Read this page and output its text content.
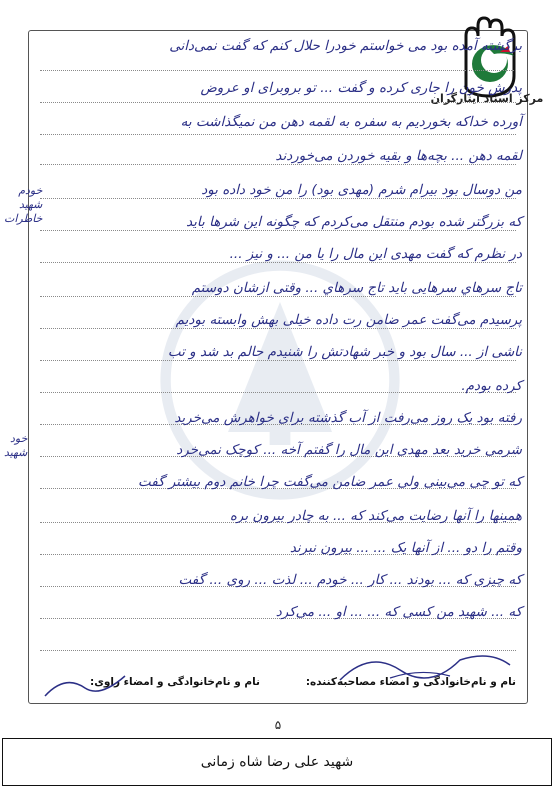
مرکز اسناد ایثارگران
برگشته آمده بود می خواستم خودرا حلال کنم که گفت نمی‌دانی
پدرش خون را جاری کرده و گفت ... تو بروبرای او عروض
آورده خداکه بخوردیم به سفره به لقمه دهن من نمیگذاشت به
لقمه دهن ... بچه‌ها و بقیه خوردن می‌خوردند
من دوسال بود بیرام شرم (مهدی بود) را من خود داده بود
که بزرگتر شده بودم منتقل می‌کردم که چگونه این شرها باید
در نظرم که گفت مهدی این مال را یا من ... و نیز ...
تاج سرهاي سرهایی بايد تاج سرهاي ... وقتی ازشان دوستم
پرسیدم می‌گفت عمر ضامن رت داده خیلی بهش وابسته بودیم
ناشی از ... سال بود و خبر شهادتش را شنیدم حالم بد شد و تب
کرده بودم.
رفته بود یک روز می‌رفت از آب گذشته برای خواهرش می‌خرید
شرمی خرید بعد مهدی این مال را گفتم آخه‌ ... کوچک نمی‌خرد
که تو چی می‌بینی ولی عمر ضامن می‌گفت چرا خانم دوم بیشتر گفت
همینها را آنها رضایت می‌کند که ... به چادر بیرون بره
وقتم را دو ... از آنها یک ... ... بیرون نبرند
که چیزی که ... بودند ... کار ... خودم ... لذت ... روی ... گفت
که ... شهید من کسی که ... ... او ... می‌کرد
خودم
شهید
خاطرات
خود
شهید
نام و نام‌خانوادگی و امضاء مصاحبه‌کننده:
نام و نام‌خانوادگی و امضاء راوی:
۵
شهید علی رضا شاه زمانی
